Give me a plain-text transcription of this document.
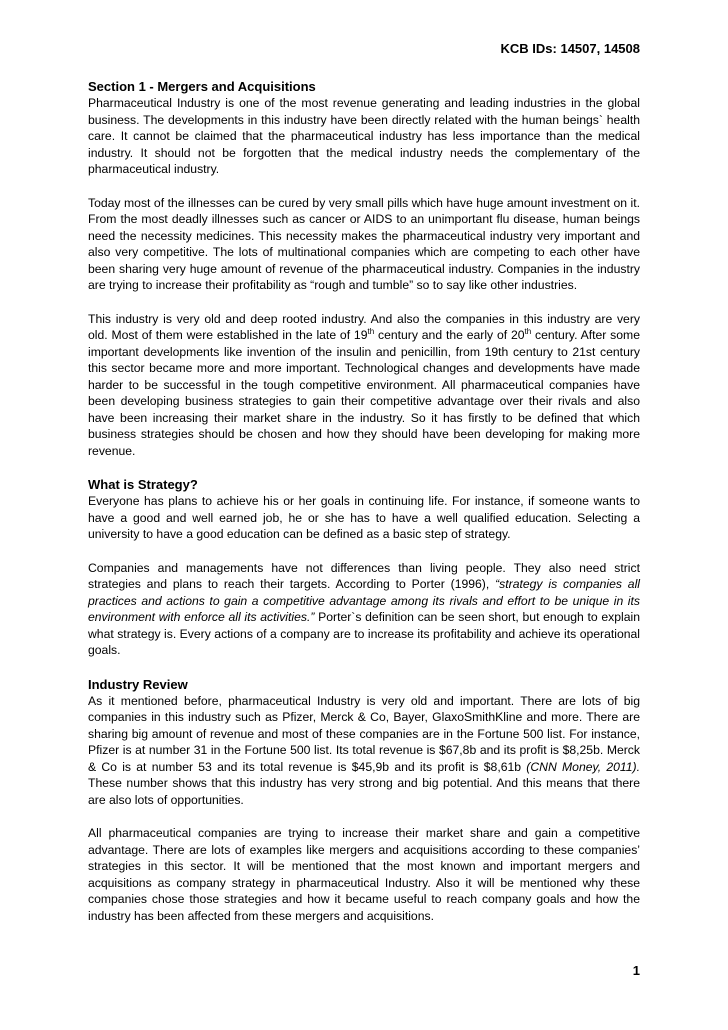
KCB IDs: 14507, 14508
Section 1 - Mergers and Acquisitions

Pharmaceutical Industry is one of the most revenue generating and leading industries in the global business. The developments in this industry have been directly related with the human beings` health care. It cannot be claimed that the pharmaceutical industry has less importance than the medical industry. It should not be forgotten that the medical industry needs the complementary of the pharmaceutical industry.

Today most of the illnesses can be cured by very small pills which have huge amount investment on it. From the most deadly illnesses such as cancer or AIDS to an unimportant flu disease, human beings need the necessity medicines. This necessity makes the pharmaceutical industry very important and also very competitive. The lots of multinational companies which are competing to each other have been sharing very huge amount of revenue of the pharmaceutical industry. Companies in the industry are trying to increase their profitability as “rough and tumble” so to say like other industries.

This industry is very old and deep rooted industry. And also the companies in this industry are very old. Most of them were established in the late of 19th century and the early of 20th century. After some important developments like invention of the insulin and penicillin, from 19th century to 21st century this sector became more and more important. Technological changes and developments have made harder to be successful in the tough competitive environment. All pharmaceutical companies have been developing business strategies to gain their competitive advantage over their rivals and also have been increasing their market share in the industry. So it has firstly to be defined that which business strategies should be chosen and how they should have been developing for making more revenue.

What is Strategy?

Everyone has plans to achieve his or her goals in continuing life. For instance, if someone wants to have a good and well earned job, he or she has to have a well qualified education. Selecting a university to have a good education can be defined as a basic step of strategy.

Companies and managements have not differences than living people. They also need strict strategies and plans to reach their targets. According to Porter (1996), “strategy is companies all practices and actions to gain a competitive advantage among its rivals and effort to be unique in its environment with enforce all its activities.” Porter`s definition can be seen short, but enough to explain what strategy is. Every actions of a company are to increase its profitability and achieve its operational goals.

Industry Review

As it mentioned before, pharmaceutical Industry is very old and important. There are lots of big companies in this industry such as Pfizer, Merck & Co, Bayer, GlaxoSmithKline and more. There are sharing big amount of revenue and most of these companies are in the Fortune 500 list. For instance, Pfizer is at number 31 in the Fortune 500 list. Its total revenue is $67,8b and its profit is $8,25b. Merck & Co is at number 53 and its total revenue is $45,9b and its profit is $8,61b (CNN Money, 2011). These number shows that this industry has very strong and big potential. And this means that there are also lots of opportunities.

All pharmaceutical companies are trying to increase their market share and gain a competitive advantage. There are lots of examples like mergers and acquisitions according to these companies’ strategies in this sector. It will be mentioned that the most known and important mergers and acquisitions as company strategy in pharmaceutical Industry. Also it will be mentioned why these companies chose those strategies and how it became useful to reach company goals and how the industry has been affected from these mergers and acquisitions.

1
